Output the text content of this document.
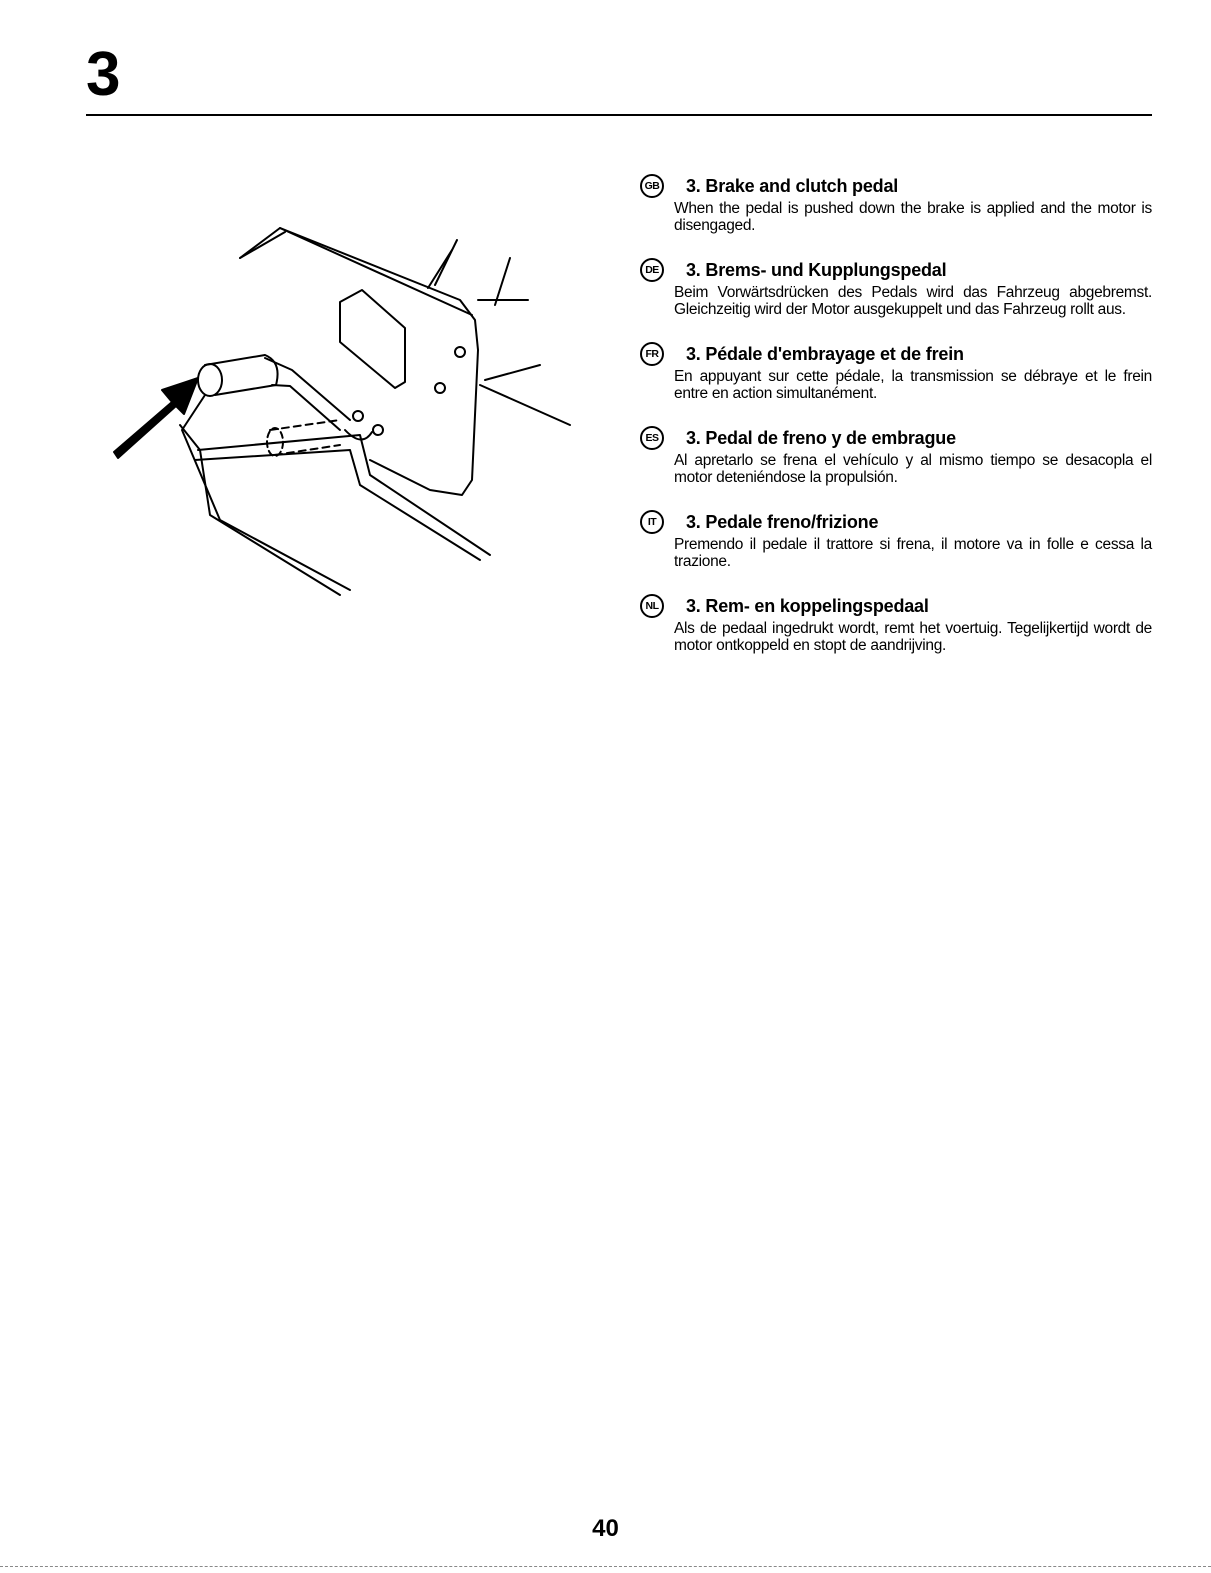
3
GB 3. Brake and clutch pedal
When the pedal is pushed down the brake is applied and the motor is disengaged.
DE 3. Brems- und Kupplungspedal
Beim Vorwärtsdrücken des Pedals wird das Fahrzeug abgebremst. Gleichzeitig wird der Motor ausgekuppelt und das Fahrzeug rollt aus.
FR	3. Pédale d'embrayage et de frein
En appuyant sur cette pédale, la transmission se débraye et le frein entre en action simultanément.
ES	3. Pedal de freno y de embrague
Al apretarlo se frena el vehículo y al mismo tiempo se desacopla el motor deteniéndose la propulsión.
IT	3. Pedale freno/frizione
Premendo il pedale il trattore si frena, il motore va in folle e cessa la trazione.
NL	3. Rem- en koppelingspedaal
Als de pedaal ingedrukt wordt, remt het voertuig. Tegelijkertijd wordt de motor ontkoppeld en stopt de aandrijving.
40
